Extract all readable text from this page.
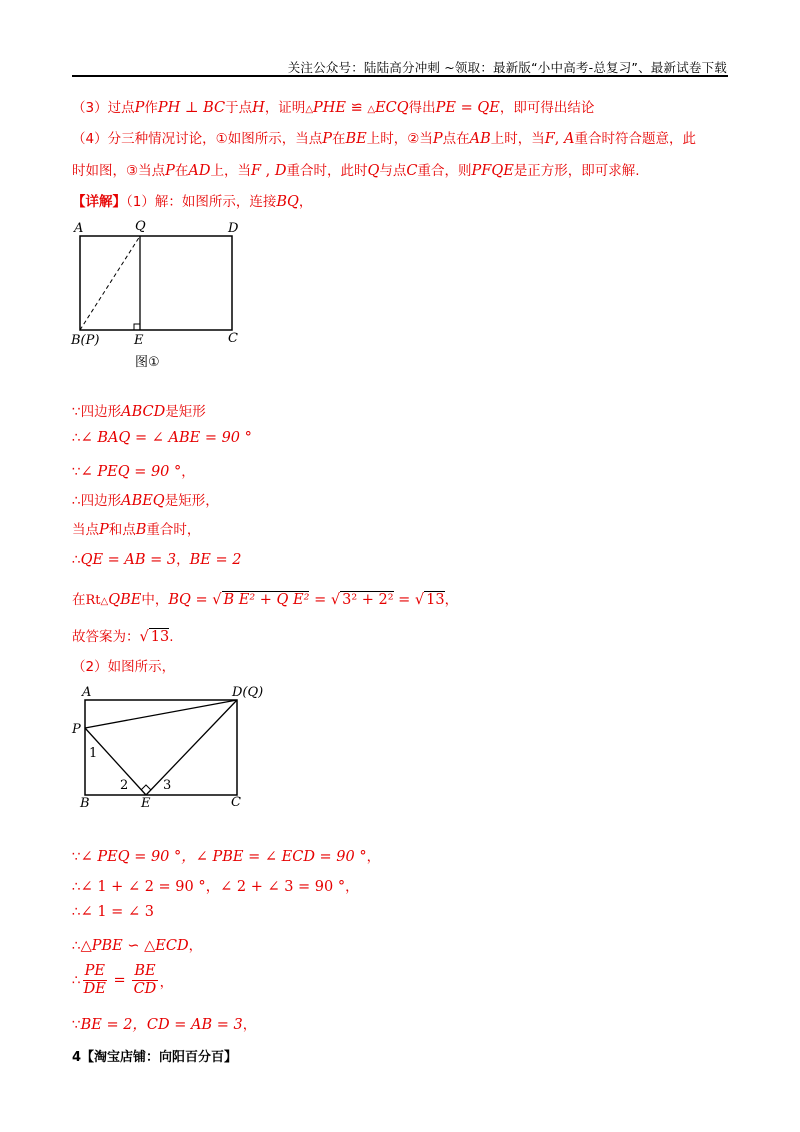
关注公众号：陆陆高分冲刺 ~领取：最新版“小中高考-总复习”、最新试卷下载
（3）过点P作PH ⊥ BC于点H，证明△PHE ≌ △ECQ得出PE = QE，即可得出结论
（4）分三种情况讨论，①如图所示，当点P在BE上时，②当P点在AB上时，当F, A重合时符合题意，此
时如图，③当点P在AD上，当F , D重合时，此时Q与点C重合，则PFQE是正方形，即可求解.
【详解】（1）解：如图所示，连接BQ，
A	Q	D
B(P)	E	C
图①
∵四边形ABCD是矩形
∴∠ BAQ = ∠ ABE = 90 °
∵∠ PEQ = 90 °，
∴四边形ABEQ是矩形，
当点P和点B重合时，
∴QE = AB = 3，BE = 2
在Rt△QBE中，BQ = √ B E² + Q E² = √ 3² + 2² = √ 13，
故答案为：√ 13.
（2）如图所示，
A	D(Q)
P
1
2	3
B	E	C
∵∠ PEQ = 90 °，∠ PBE = ∠ ECD = 90 °，
∴∠ 1 + ∠ 2 = 90 °，∠ 2 + ∠ 3 = 90 °，
∴∠ 1 = ∠ 3
∴△PBE ∽ △ECD，
∴ $\frac{PE}{DE} = \frac{BE}{CD}$ ，
∵BE = 2，CD = AB = 3，
4【淘宝店铺：向阳百分百】
